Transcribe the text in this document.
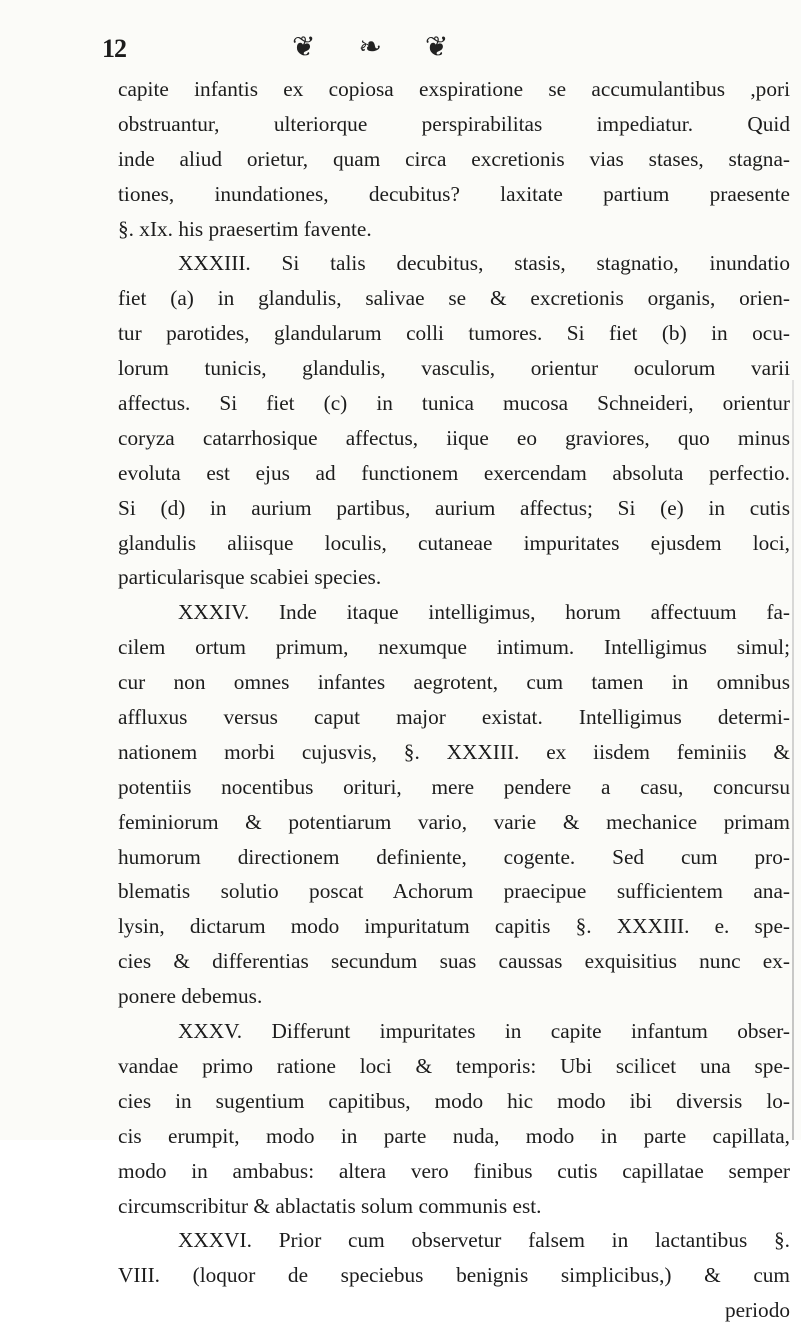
12	❦ ❧ ❦
capite infantis ex copiosa exspiratione se accumulantibus ,pori
obstruantur, ulteriorque perspirabilitas impediatur. Quid
inde aliud orietur, quam circa excretionis vias stases, stagna-
tiones, inundationes, decubitus? laxitate partium praesente
§. xIx. his praesertim favente.
XXXIII. Si talis decubitus, stasis, stagnatio, inundatio
fiet (a) in glandulis, salivae se & excretionis organis, orien-
tur parotides, glandularum colli tumores. Si fiet (b) in ocu-
lorum tunicis, glandulis, vasculis, orientur oculorum varii
affectus. Si fiet (c) in tunica mucosa Schneideri, orientur
coryza catarrhosique affectus, iique eo graviores, quo minus
evoluta est ejus ad functionem exercendam absoluta perfectio.
Si (d) in aurium partibus, aurium affectus; Si (e) in cutis
glandulis aliisque loculis, cutaneae impuritates ejusdem loci,
particularisque scabiei species.
XXXIV. Inde itaque intelligimus, horum affectuum fa-
cilem ortum primum, nexumque intimum. Intelligimus simul;
cur non omnes infantes aegrotent, cum tamen in omnibus
affluxus versus caput major existat. Intelligimus determi-
nationem morbi cujusvis, §. XXXIII. ex iisdem feminiis &
potentiis nocentibus orituri, mere pendere a casu, concursu
feminiorum & potentiarum vario, varie & mechanice primam
humorum directionem definiente, cogente. Sed cum pro-
blematis solutio poscat Achorum praecipue sufficientem ana-
lysin, dictarum modo impuritatum capitis §. XXXIII. e. spe-
cies & differentias secundum suas caussas exquisitius nunc ex-
ponere debemus.
XXXV. Differunt impuritates in capite infantum obser-
vandae primo ratione loci & temporis: Ubi scilicet una spe-
cies in sugentium capitibus, modo hic modo ibi diversis lo-
cis erumpit, modo in parte nuda, modo in parte capillata,
modo in ambabus: altera vero finibus cutis capillatae semper
circumscribitur & ablactatis solum communis est.
XXXVI. Prior cum observetur falsem in lactantibus §.
VIII. (loquor de speciebus benignis simplicibus,) & cum
periodo
